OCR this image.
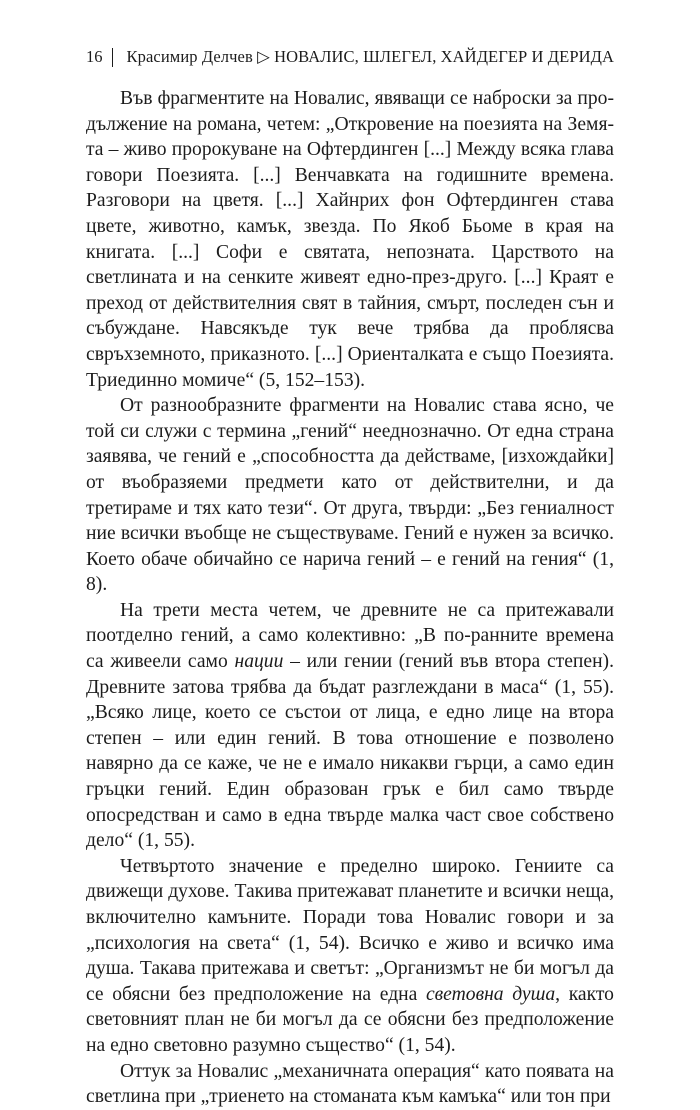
16 Красимир Делчев ▷ НОВАЛИС, ШЛЕГЕЛ, ХАЙДЕГЕР И ДЕРИДА

Във фрагментите на Новалис, явяващи се наброски за продължение на романа, четем: „Откровение на поезията на Земята – живо пророкуване на Офтердинген [...] Между всяка глава говори Поезията. [...] Венчавката на годишните времена. Разговори на цветя. [...] Хайнрих фон Офтердинген става цвете, животно, камък, звезда. По Якоб Бьоме в края на книгата. [...] Софи е святата, непозната. Царството на светлината и на сенките живеят едно-през-друго. [...] Краят е преход от действителния свят в тайния, смърт, последен сън и събуждане. Навсякъде тук вече трябва да проблясва свръхземното, приказното. [...] Ориенталката е също Поезията. Триединно момиче“ (5, 152–153).

От разнообразните фрагменти на Новалис става ясно, че той си служи с термина „гений“ нееднозначно. От една страна заявява, че гений е „способността да действаме, [изхождайки] от въобразяеми предмети като от действителни, и да третираме и тях като тези“. От друга, твърди: „Без гениалност ние всички въобще не съществуваме. Гений е нужен за всичко. Което обаче обичайно се нарича гений – е гений на гения“ (1, 8).

На трети места четем, че древните не са притежавали поотделно гений, а само колективно: „В по-ранните времена са живеели само нации – или гении (гений във втора степен). Древните затова трябва да бъдат разглеждани в маса“ (1, 55). „Всяко лице, което се състои от лица, е едно лице на втора степен – или един гений. В това отношение е позволено навярно да се каже, че не е имало никакви гърци, а само един гръцки гений. Един образован грък е бил само твърде опосредстван и само в една твърде малка част свое собствено дело“ (1, 55).

Четвъртото значение е пределно широко. Гениите са движещи духове. Такива притежават планетите и всички неща, включително камъните. Поради това Новалис говори и за „психология на света“ (1, 54). Всичко е живо и всичко има душа. Такава притежава и светът: „Организмът не би могъл да се обясни без предположение на една световна душа, както световният план не би могъл да се обясни без предположение на едно световно разумно същество“ (1, 54).

Оттук за Новалис „механичната операция“ като появата на светлина при „триенето на стоманата към камъка“ или тон при
